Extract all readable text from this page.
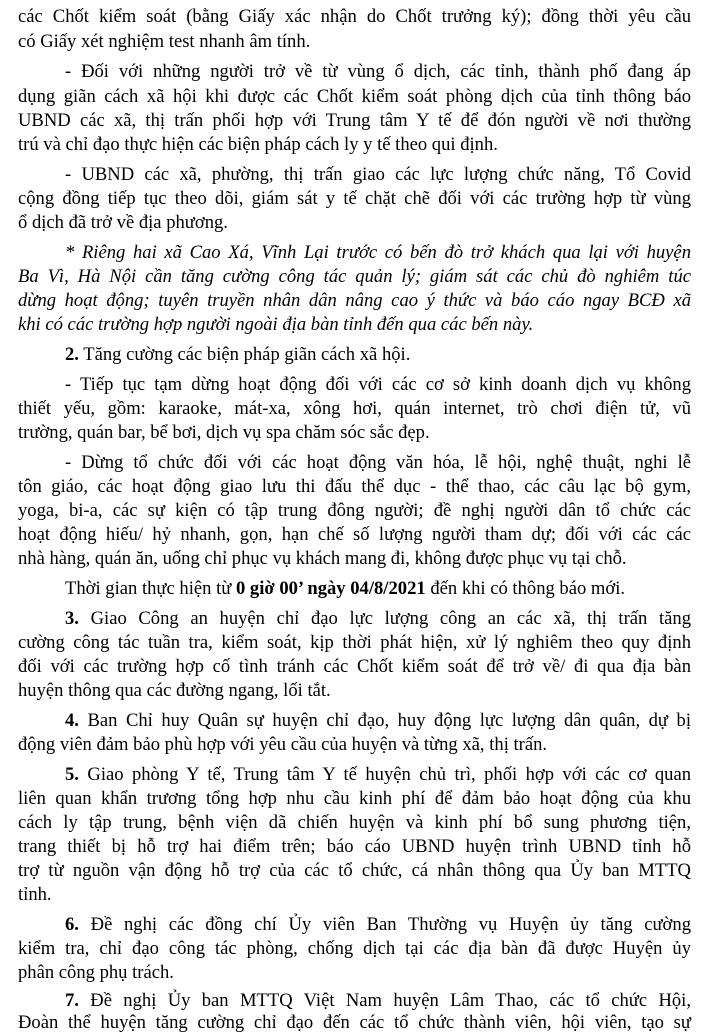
các Chốt kiểm soát (bằng Giấy xác nhận do Chốt trưởng ký); đồng thời yêu cầu
có Giấy xét nghiệm test nhanh âm tính.
- Đối với những người trở về từ vùng ổ dịch, các tỉnh, thành phố đang áp
dụng giãn cách xã hội khi được các Chốt kiểm soát phòng dịch của tỉnh thông báo
UBND các xã, thị trấn phối hợp với Trung tâm Y tế để đón người về nơi thường
trú và chỉ đạo thực hiện các biện pháp cách ly y tế theo qui định.
- UBND các xã, phường, thị trấn giao các lực lượng chức năng, Tổ Covid
cộng đồng tiếp tục theo dõi, giám sát y tế chặt chẽ đối với các trường hợp từ vùng
ổ dịch đã trở về địa phương.
* Riêng hai xã Cao Xá, Vĩnh Lại trước có bến đò trở khách qua lại với huyện
Ba Vì, Hà Nội cần tăng cường công tác quản lý; giám sát các chủ đò nghiêm túc
dừng hoạt động; tuyên truyền nhân dân nâng cao ý thức và báo cáo ngay BCĐ xã
khi có các trường hợp người ngoài địa bàn tỉnh đến qua các bến này.
2. Tăng cường các biện pháp giãn cách xã hội.
- Tiếp tục tạm dừng hoạt động đối với các cơ sở kinh doanh dịch vụ không
thiết yếu, gồm: karaoke, mát-xa, xông hơi, quán internet, trò chơi điện tử, vũ
trường, quán bar, bể bơi, dịch vụ spa chăm sóc sắc đẹp.
- Dừng tổ chức đối với các hoạt động văn hóa, lễ hội, nghệ thuật, nghi lễ
tôn giáo, các hoạt động giao lưu thi đấu thể dục - thể thao, các câu lạc bộ gym,
yoga, bi-a, các sự kiện có tập trung đông người; đề nghị người dân tổ chức các
hoạt động hiếu/ hỷ nhanh, gọn, hạn chế số lượng người tham dự; đối với các các
nhà hàng, quán ăn, uống chỉ phục vụ khách mang đi, không được phục vụ tại chỗ.
Thời gian thực hiện từ 0 giờ 00’ ngày 04/8/2021 đến khi có thông báo mới.
3. Giao Công an huyện chỉ đạo lực lượng công an các xã, thị trấn tăng
cường công tác tuần tra, kiểm soát, kịp thời phát hiện, xử lý nghiêm theo quy định
đối với các trường hợp cố tình tránh các Chốt kiểm soát để trở về/ đi qua địa bàn
huyện thông qua các đường ngang, lối tắt.
4. Ban Chỉ huy Quân sự huyện chỉ đạo, huy động lực lượng dân quân, dự bị
động viên đảm bảo phù hợp với yêu cầu của huyện và từng xã, thị trấn.
5. Giao phòng Y tế, Trung tâm Y tế huyện chủ trì, phối hợp với các cơ quan
liên quan khẩn trương tổng hợp nhu cầu kinh phí để đảm bảo hoạt động của khu
cách ly tập trung, bệnh viện dã chiến huyện và kinh phí bổ sung phương tiện,
trang thiết bị hỗ trợ hai điểm trên; báo cáo UBND huyện trình UBND tỉnh hỗ
trợ từ nguồn vận động hỗ trợ của các tổ chức, cá nhân thông qua Ủy ban MTTQ
tỉnh.
6. Đề nghị các đồng chí Ủy viên Ban Thường vụ Huyện ủy tăng cường
kiểm tra, chỉ đạo công tác phòng, chống dịch tại các địa bàn đã được Huyện ủy
phân công phụ trách.
7. Đề nghị Ủy ban MTTQ Việt Nam huyện Lâm Thao, các tổ chức Hội,
Đoàn thể huyện tăng cường chỉ đạo đến các tổ chức thành viên, hội viên, tạo sự
